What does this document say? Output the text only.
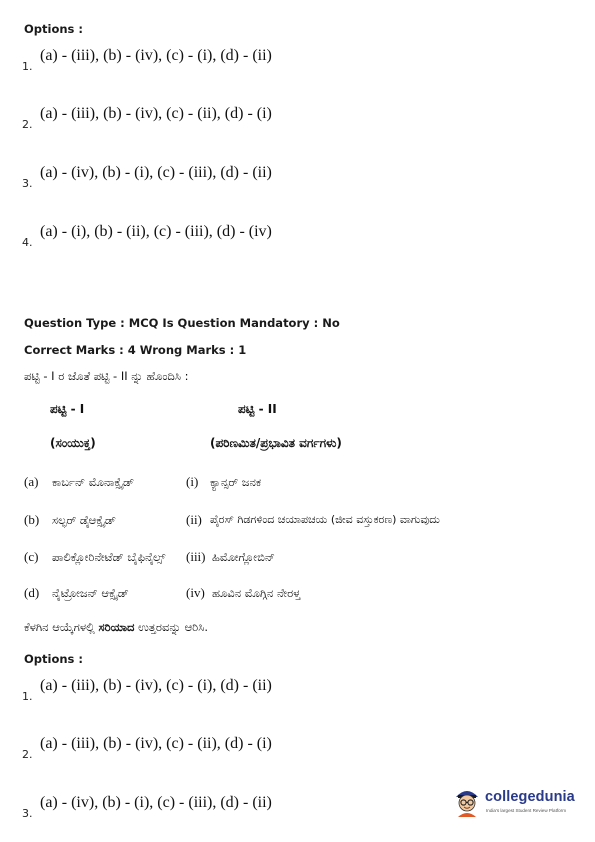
Options :
1.
(a) - (iii), (b) - (iv), (c) - (i), (d) - (ii)
2.
(a) - (iii), (b) - (iv), (c) - (ii), (d) - (i)
3.
(a) - (iv), (b) - (i), (c) - (iii), (d) - (ii)
4.
(a) - (i), (b) - (ii), (c) - (iii), (d) - (iv)
Question Type : MCQ Is Question Mandatory : No
Correct Marks : 4 Wrong Marks : 1
ಪಟ್ಟಿ - I ರ ಜೊತೆ ಪಟ್ಟಿ - II ನ್ನು ಹೊಂದಿಸಿ :
ಪಟ್ಟಿ - I	ಪಟ್ಟಿ - II
(ಸಂಯುಕ್ತ)	(ಪರಿಣಮಿತ/ಪ್ರಭಾವಿತ ವರ್ಗಗಳು)
(a) ಕಾರ್ಬನ್ ಮೊನಾಕ್ಸೈಡ್	(i) ಕ್ಯಾನ್ಸರ್ ಜನಕ
(b) ಸಲ್ಫರ್ ಡೈಆಕ್ಸೈಡ್	(ii) ಪೈರಸ್ ಗಿಡಗಳಿಂದ ಚಯಾಪಚಯ (ಜೀವ ವಸ್ತುಕರಣ) ವಾಗುವುದು
(c) ಪಾಲಿಕ್ಲೋರಿನೇಟೆಡ್ ಬೈಫಿನೈಲ್ಸ್ (iii) ಹಿಮೋಗ್ಲೋಬಿನ್
(d) ನೈಟ್ರೋಜನ್ ಆಕ್ಸೈಡ್	(iv) ಹೂವಿನ ಮೊಗ್ಗಿನ ನೇರಳ್ತ
ಕೆಳಗಿನ ಆಯ್ಕೆಗಳಲ್ಲಿ ಸರಿಯಾದ ಉತ್ತರವನ್ನು ಆರಿಸಿ.
Options :
1.
(a) - (iii), (b) - (iv), (c) - (i), (d) - (ii)
2.
(a) - (iii), (b) - (iv), (c) - (ii), (d) - (i)
3.
(a) - (iv), (b) - (i), (c) - (iii), (d) - (ii)	collegedunia
India's largest Student Review Platform
